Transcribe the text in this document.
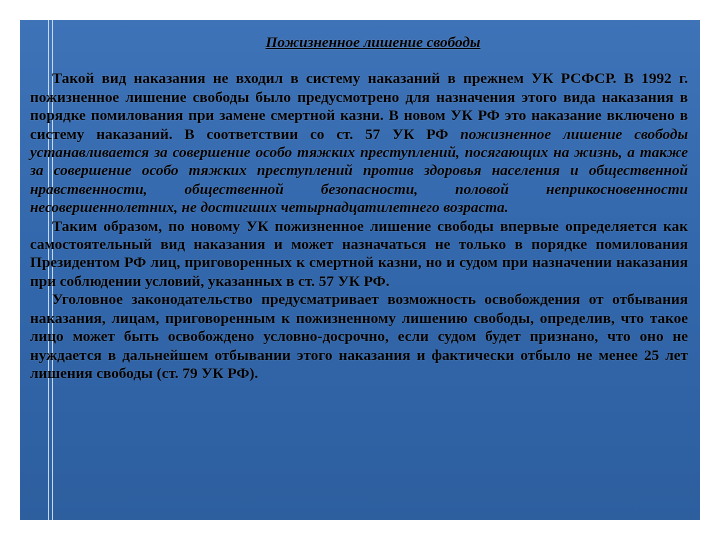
Пожизненное лишение свободы

Такой вид наказания не входил в систему наказаний в прежнем УК РСФСР. В 1992 г. пожизненное лишение свободы было предусмотрено для назначения этого вида наказания в порядке помилования при замене смертной казни. В новом УК РФ это наказание включено в систему наказаний. В соответствии со ст. 57 УК РФ пожизненное лишение свободы устанавливается за совершение особо тяжких преступлений, посягающих на жизнь, а также за совершение особо тяжких преступлений против здоровья населения и общественной нравственности, общественной безопасности, половой неприкосновенности несовершеннолетних, не достигших четырнадцатилетнего возраста.

Таким образом, по новому УК пожизненное лишение свободы впервые определяется как самостоятельный вид наказания и может назначаться не только в порядке помилования Президентом РФ лиц, приговоренных к смертной казни, но и судом при назначении наказания при соблюдении условий, указанных в ст. 57 УК РФ.

Уголовное законодательство предусматривает возможность освобождения от отбывания наказания, лицам, приговоренным к пожизненному лишению свободы, определив, что такое лицо может быть освобождено условно-досрочно, если судом будет признано, что оно не нуждается в дальнейшем отбывании этого наказания и фактически отбыло не менее 25 лет лишения свободы (ст. 79 УК РФ).
